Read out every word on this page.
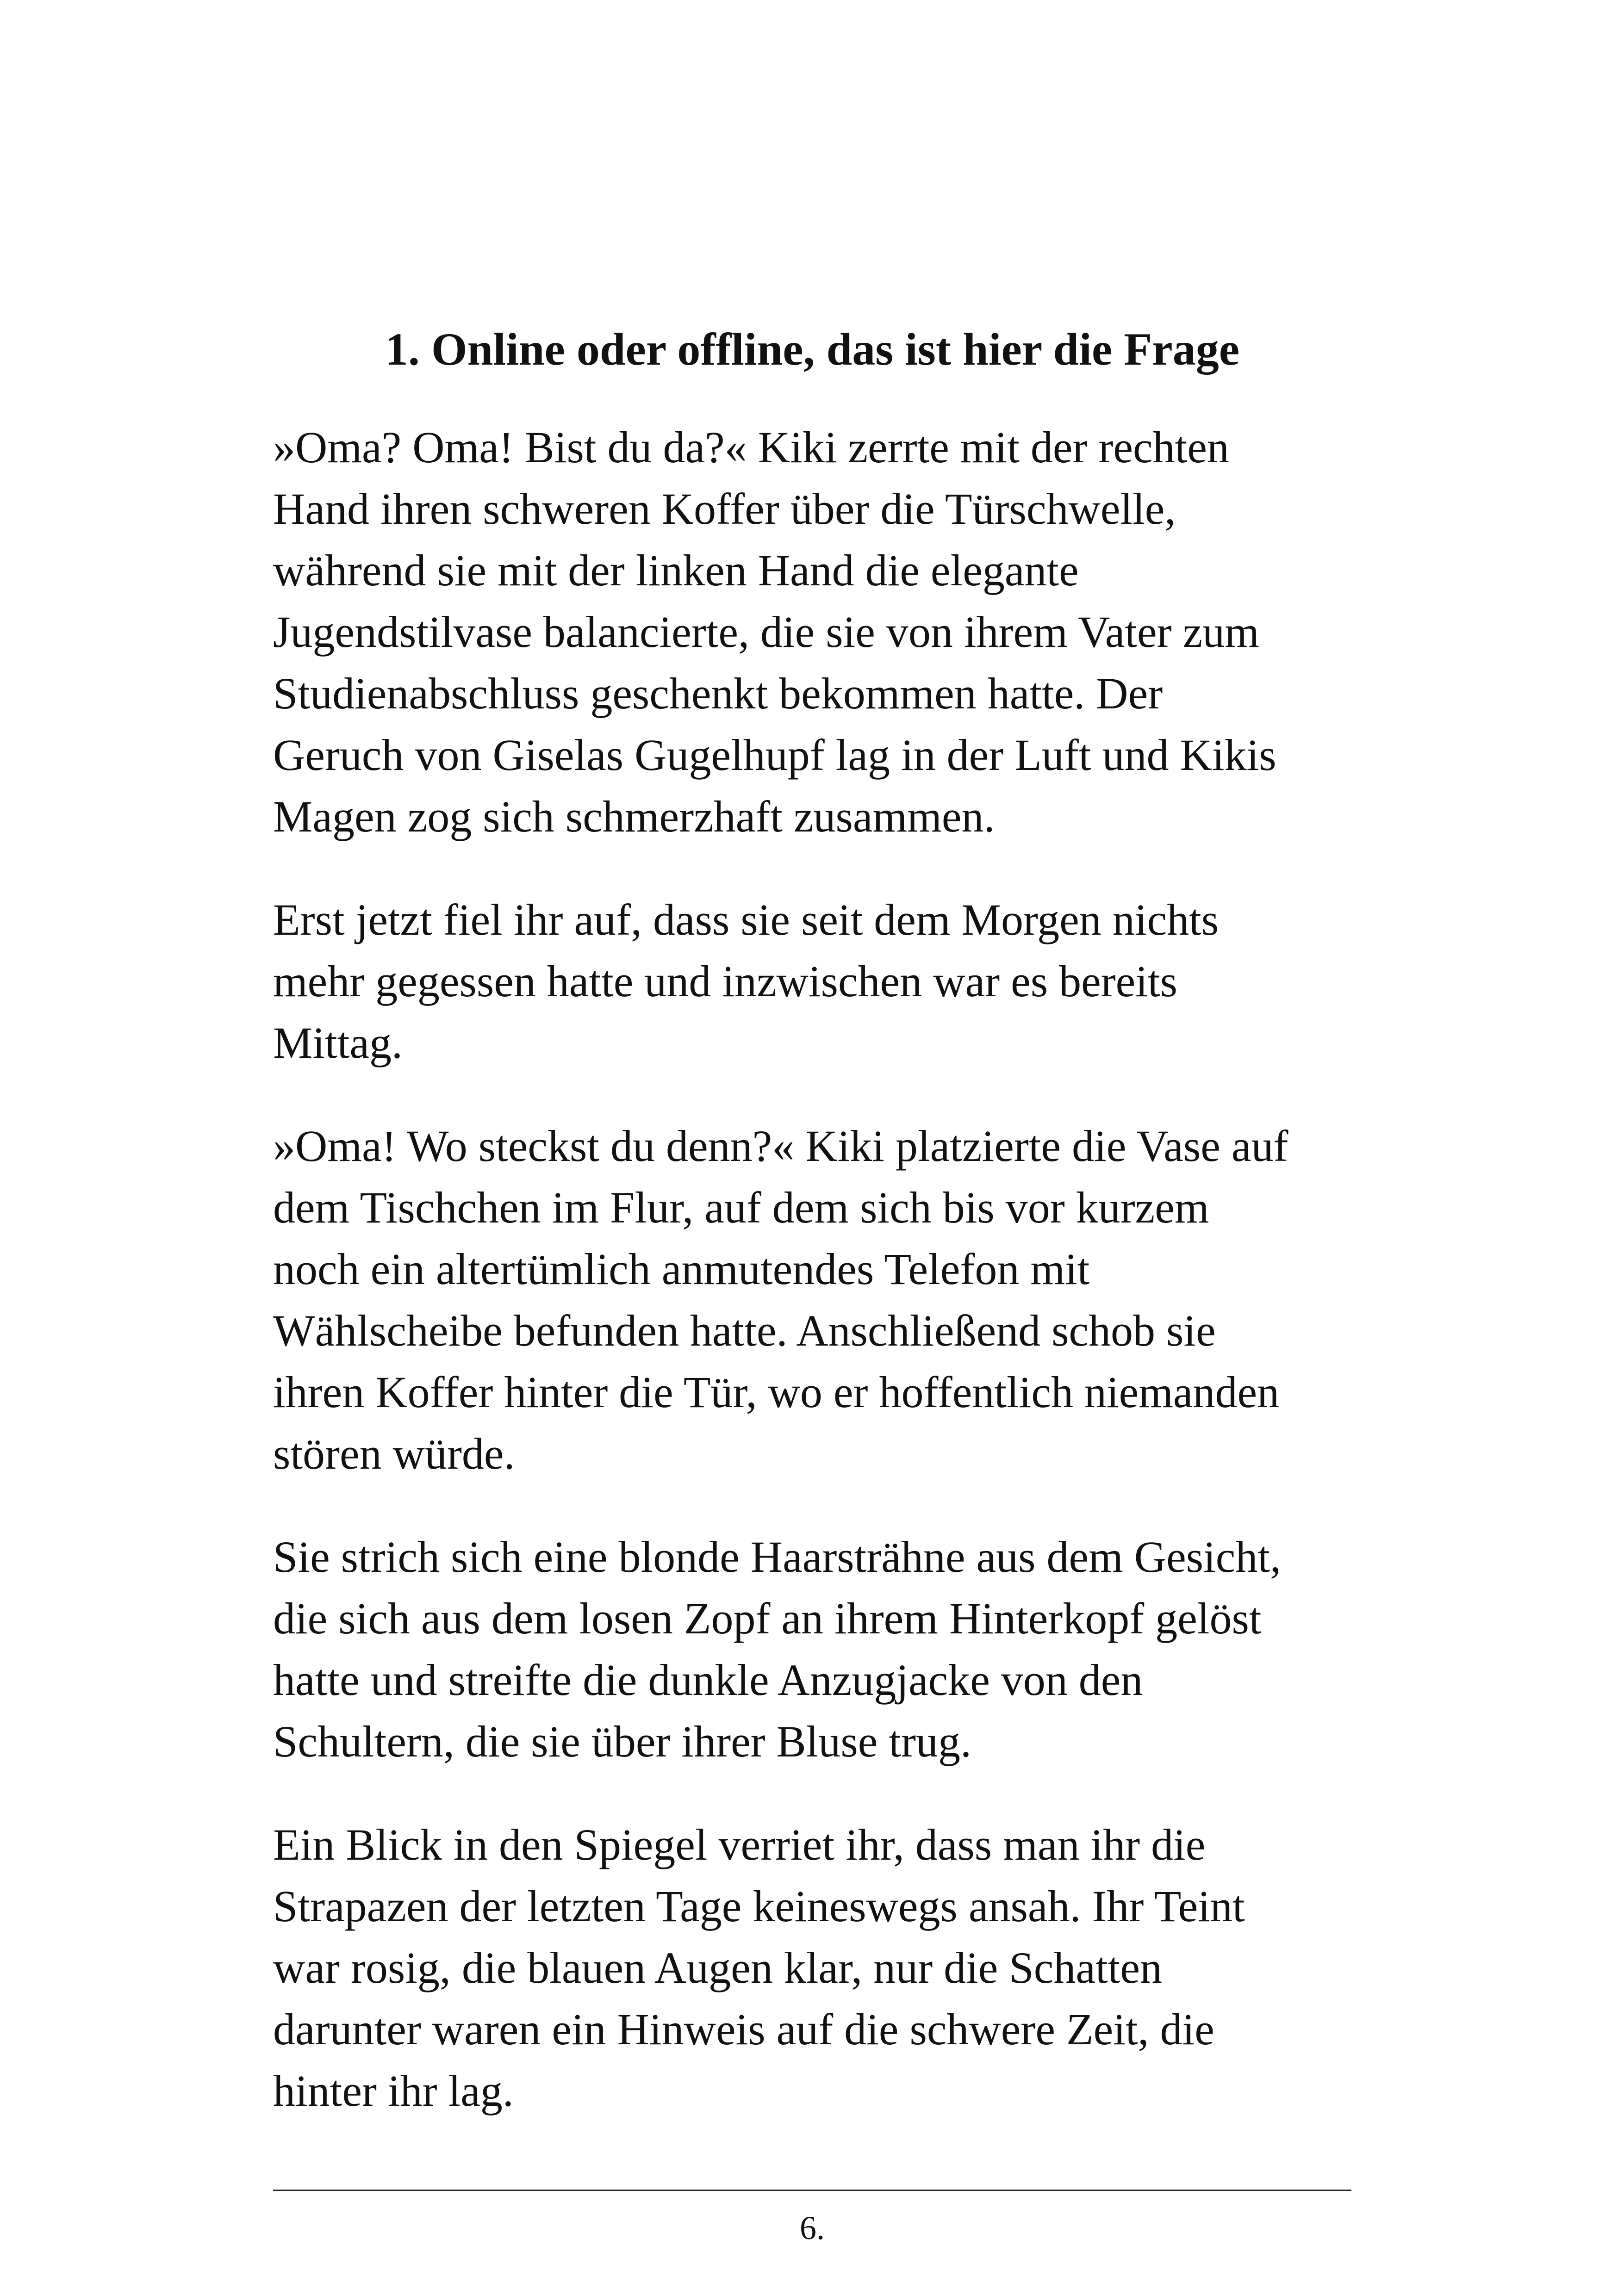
1. Online oder offline, das ist hier die Frage

»Oma? Oma! Bist du da?« Kiki zerrte mit der rechten
Hand ihren schweren Koffer über die Türschwelle,
während sie mit der linken Hand die elegante
Jugendstilvase balancierte, die sie von ihrem Vater zum
Studienabschluss geschenkt bekommen hatte. Der
Geruch von Giselas Gugelhupf lag in der Luft und Kikis
Magen zog sich schmerzhaft zusammen.

Erst jetzt fiel ihr auf, dass sie seit dem Morgen nichts
mehr gegessen hatte und inzwischen war es bereits
Mittag.

»Oma! Wo steckst du denn?« Kiki platzierte die Vase auf
dem Tischchen im Flur, auf dem sich bis vor kurzem
noch ein altertümlich anmutendes Telefon mit
Wählscheibe befunden hatte. Anschließend schob sie
ihren Koffer hinter die Tür, wo er hoffentlich niemanden
stören würde.

Sie strich sich eine blonde Haarsträhne aus dem Gesicht,
die sich aus dem losen Zopf an ihrem Hinterkopf gelöst
hatte und streifte die dunkle Anzugjacke von den
Schultern, die sie über ihrer Bluse trug.

Ein Blick in den Spiegel verriet ihr, dass man ihr die
Strapazen der letzten Tage keineswegs ansah. Ihr Teint
war rosig, die blauen Augen klar, nur die Schatten
darunter waren ein Hinweis auf die schwere Zeit, die
hinter ihr lag.

6.
